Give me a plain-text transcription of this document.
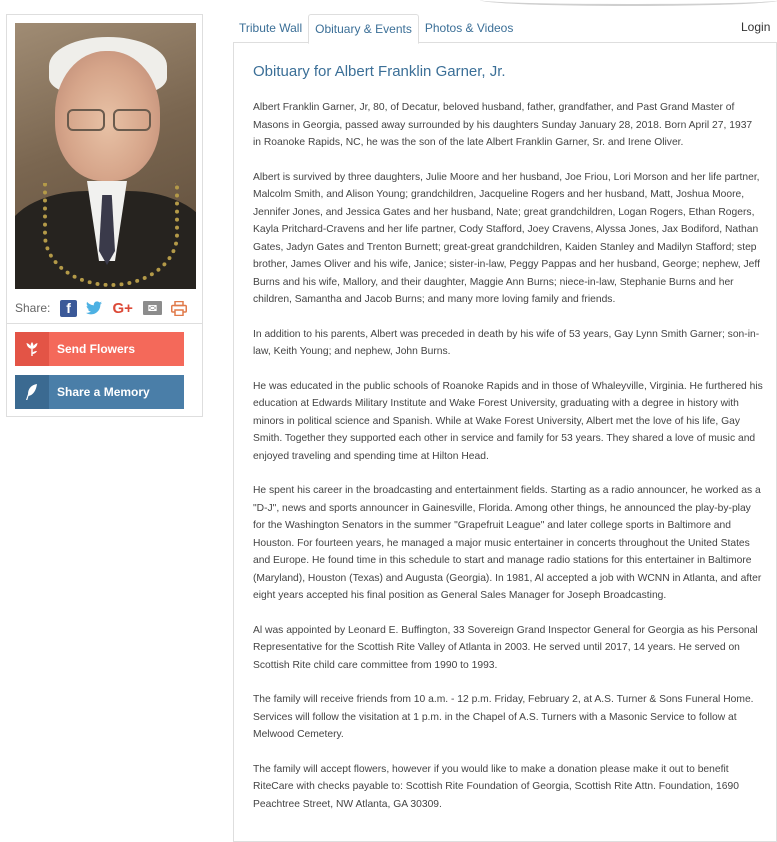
Share:	f	G+	✉
Send Flowers
Share a Memory
Tribute Wall	Obituary & Events	Photos & Videos	Login
Obituary for Albert Franklin Garner, Jr.

Albert Franklin Garner, Jr, 80, of Decatur, beloved husband, father, grandfather, and Past Grand Master of Masons in Georgia, passed away surrounded by his daughters Sunday January 28, 2018. Born April 27, 1937 in Roanoke Rapids, NC, he was the son of the late Albert Franklin Garner, Sr. and Irene Oliver.

Albert is survived by three daughters, Julie Moore and her husband, Joe Friou, Lori Morson and her life partner, Malcolm Smith, and Alison Young; grandchildren, Jacqueline Rogers and her husband, Matt, Joshua Moore, Jennifer Jones, and Jessica Gates and her husband, Nate; great grandchildren, Logan Rogers, Ethan Rogers, Kayla Pritchard-Cravens and her life partner, Cody Stafford, Joey Cravens, Alyssa Jones, Jax Bodiford, Nathan Gates, Jadyn Gates and Trenton Burnett; great-great grandchildren, Kaiden Stanley and Madilyn Stafford; step brother, James Oliver and his wife, Janice; sister-in-law, Peggy Pappas and her husband, George; nephew, Jeff Burns and his wife, Mallory, and their daughter, Maggie Ann Burns; niece-in-law, Stephanie Burns and her children, Samantha and Jacob Burns; and many more loving family and friends.

In addition to his parents, Albert was preceded in death by his wife of 53 years, Gay Lynn Smith Garner; son-in-law, Keith Young; and nephew, John Burns.

He was educated in the public schools of Roanoke Rapids and in those of Whaleyville, Virginia. He furthered his education at Edwards Military Institute and Wake Forest University, graduating with a degree in history with minors in political science and Spanish. While at Wake Forest University, Albert met the love of his life, Gay Smith. Together they supported each other in service and family for 53 years. They shared a love of music and enjoyed traveling and spending time at Hilton Head.

He spent his career in the broadcasting and entertainment fields. Starting as a radio announcer, he worked as a "D-J", news and sports announcer in Gainesville, Florida. Among other things, he announced the play-by-play for the Washington Senators in the summer "Grapefruit League" and later college sports in Baltimore and Houston. For fourteen years, he managed a major music entertainer in concerts throughout the United States and Europe. He found time in this schedule to start and manage radio stations for this entertainer in Baltimore (Maryland), Houston (Texas) and Augusta (Georgia). In 1981, Al accepted a job with WCNN in Atlanta, and after eight years accepted his final position as General Sales Manager for Joseph Broadcasting.

Al was appointed by Leonard E. Buffington, 33 Sovereign Grand Inspector General for Georgia as his Personal Representative for the Scottish Rite Valley of Atlanta in 2003. He served until 2017, 14 years. He served on Scottish Rite child care committee from 1990 to 1993.

The family will receive friends from 10 a.m. - 12 p.m. Friday, February 2, at A.S. Turner & Sons Funeral Home. Services will follow the visitation at 1 p.m. in the Chapel of A.S. Turners with a Masonic Service to follow at Melwood Cemetery.

The family will accept flowers, however if you would like to make a donation please make it out to benefit RiteCare with checks payable to: Scottish Rite Foundation of Georgia, Scottish Rite Attn. Foundation, 1690 Peachtree Street, NW Atlanta, GA 30309.
